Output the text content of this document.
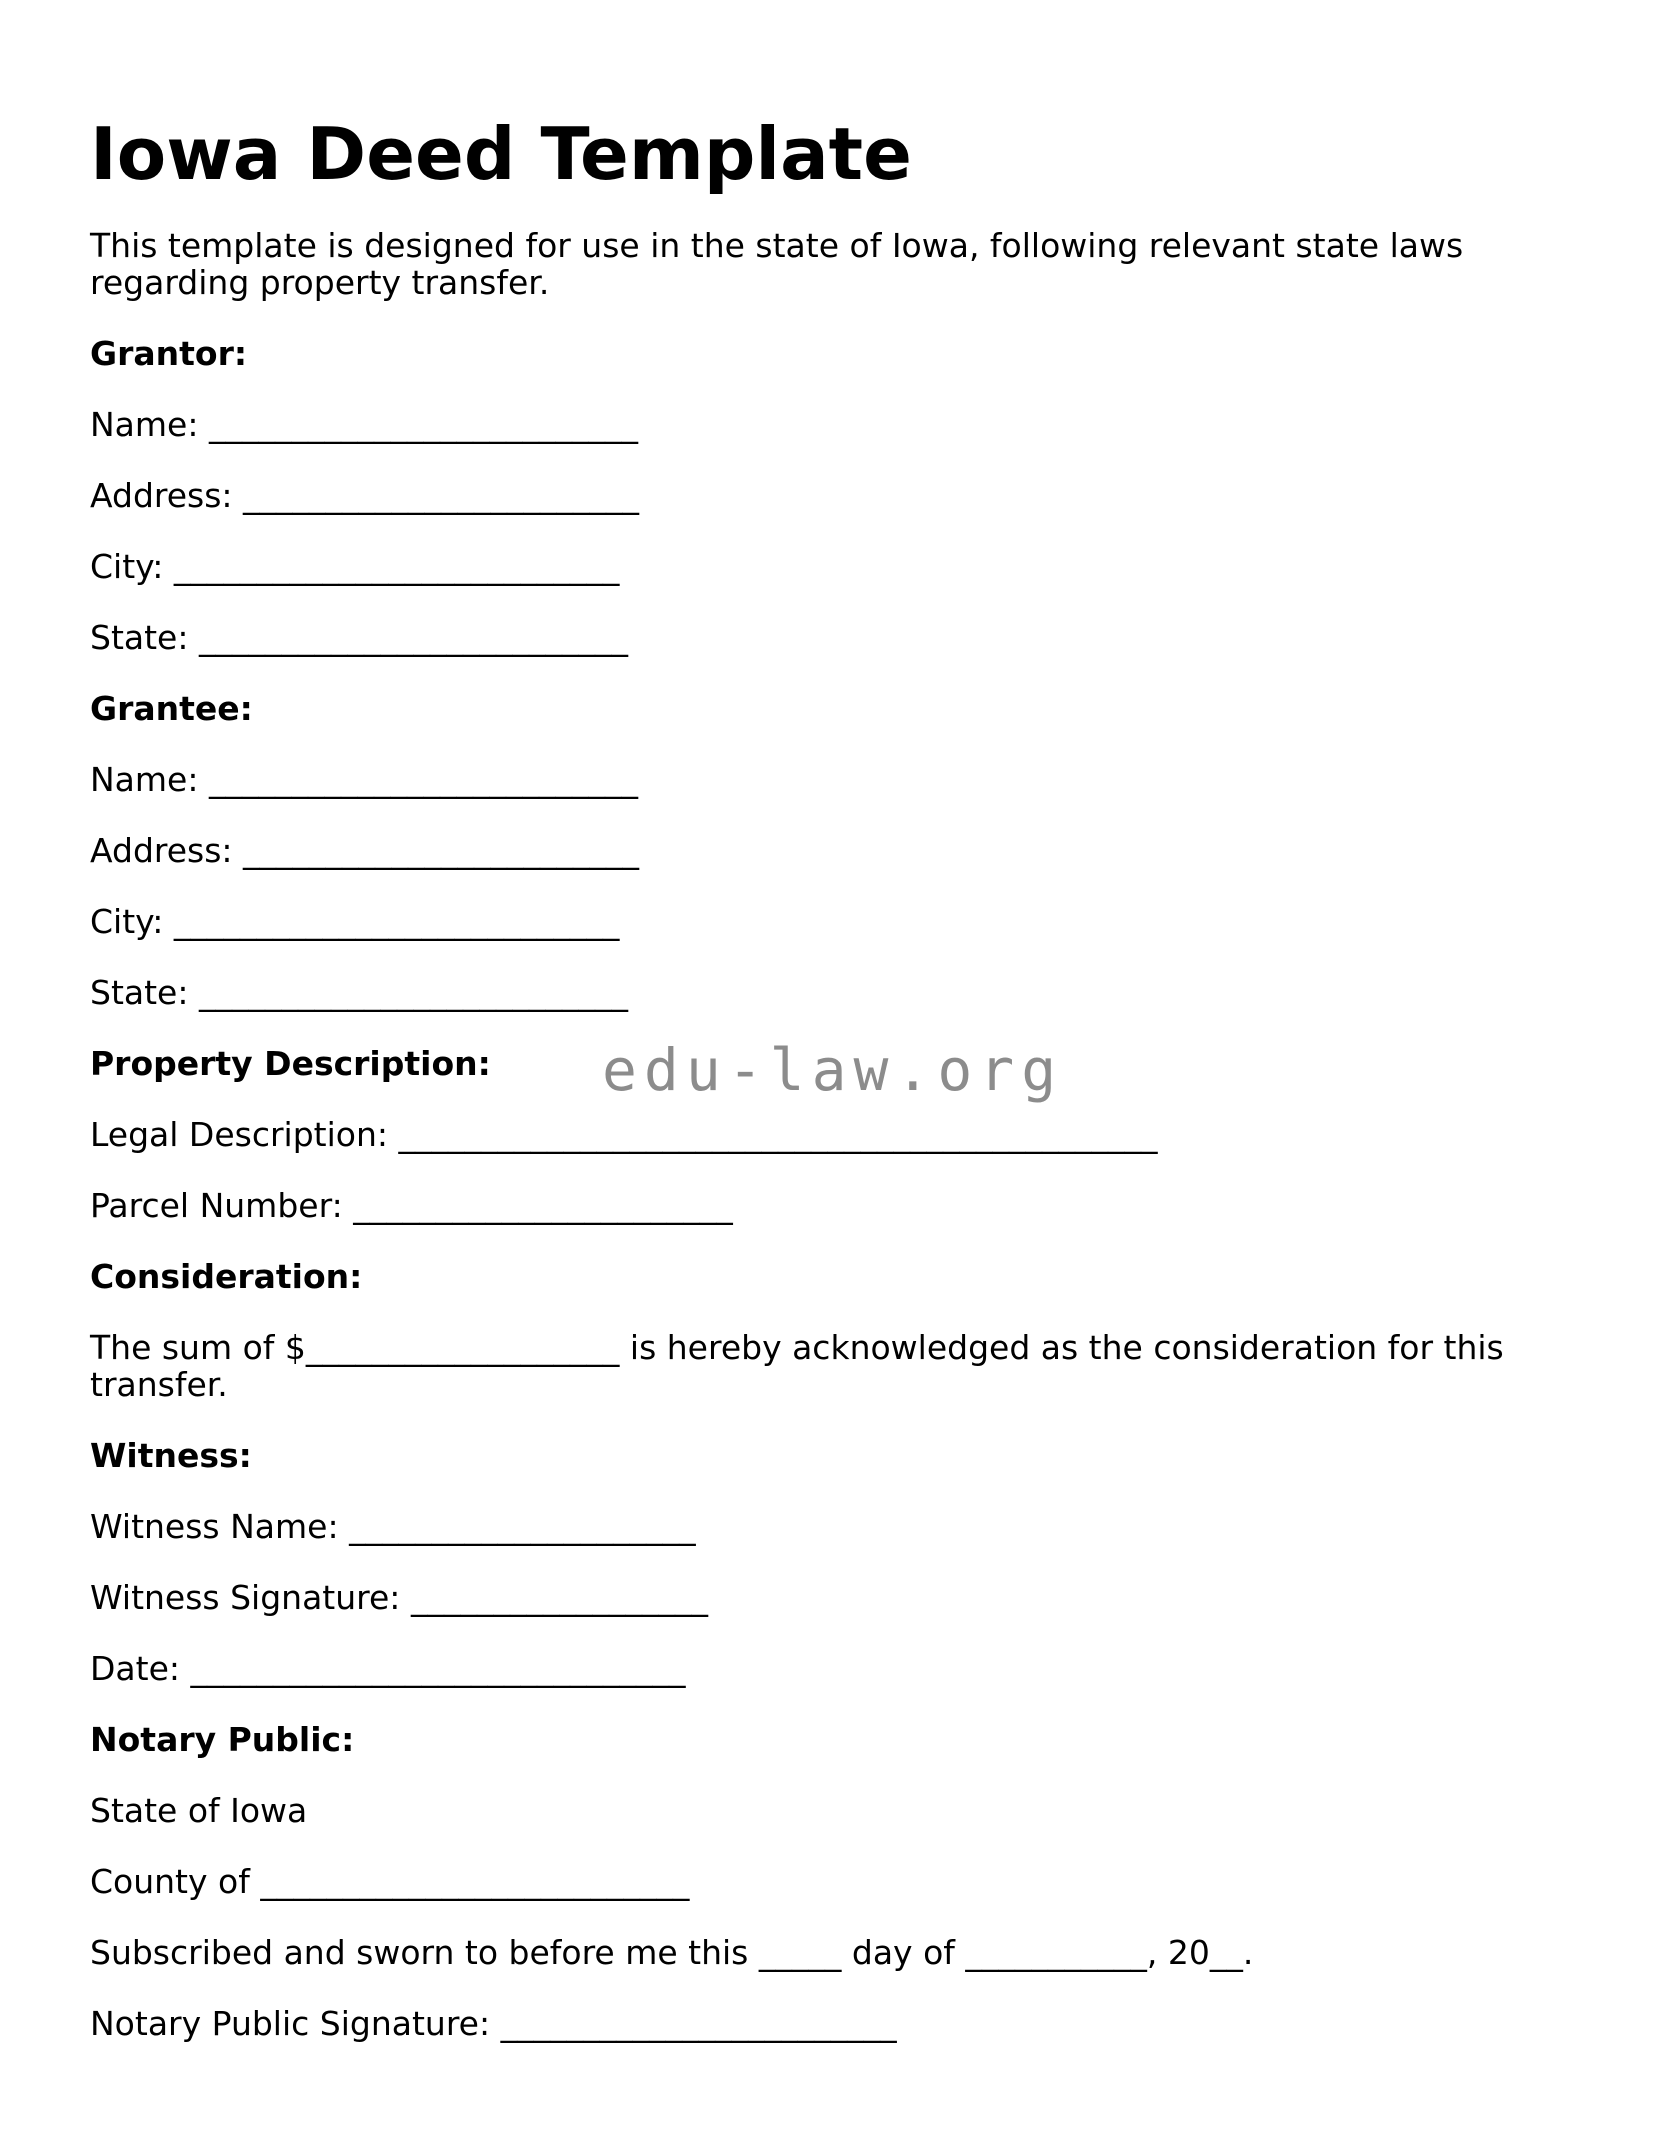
Iowa Deed Template

This template is designed for use in the state of Iowa, following relevant state laws regarding property transfer.

Grantor:

Name: __________________________

Address: ________________________

City: ___________________________

State: __________________________

Grantee:

Name: __________________________

Address: ________________________

City: ___________________________

State: __________________________

Property Description: edu-law.org

Legal Description: ______________________________________________

Parcel Number: _______________________

Consideration:

The sum of $___________________ is hereby acknowledged as the consideration for this transfer.

Witness:

Witness Name: _____________________

Witness Signature: __________________

Date: ______________________________

Notary Public:

State of Iowa

County of __________________________

Subscribed and sworn to before me this _____ day of ___________, 20__.

Notary Public Signature: ________________________
